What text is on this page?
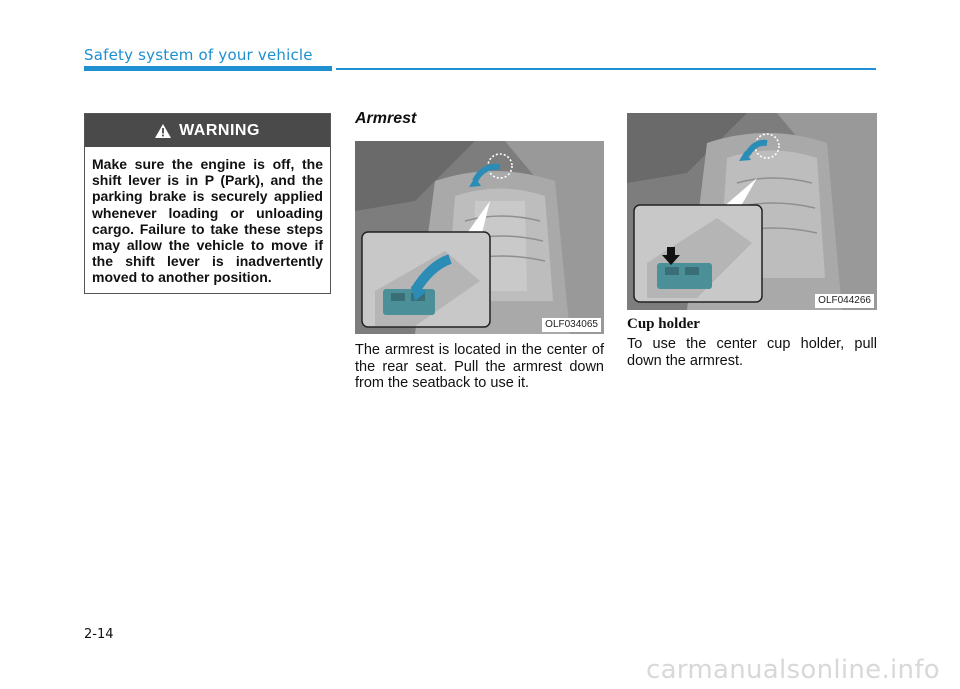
Safety system of your vehicle
WARNING
Make sure the engine is off, the shift lever is in P (Park), and the parking brake is securely applied whenever loading or unloading cargo. Failure to take these steps may allow the vehicle to move if the shift lever is inadvertently moved to another position.
Armrest
OLF034065
The armrest is located in the center of the rear seat. Pull the armrest down from the seatback to use it.
OLF044266
Cup holder
To use the center cup holder, pull down the armrest.
2-14
carmanualsonline.info
